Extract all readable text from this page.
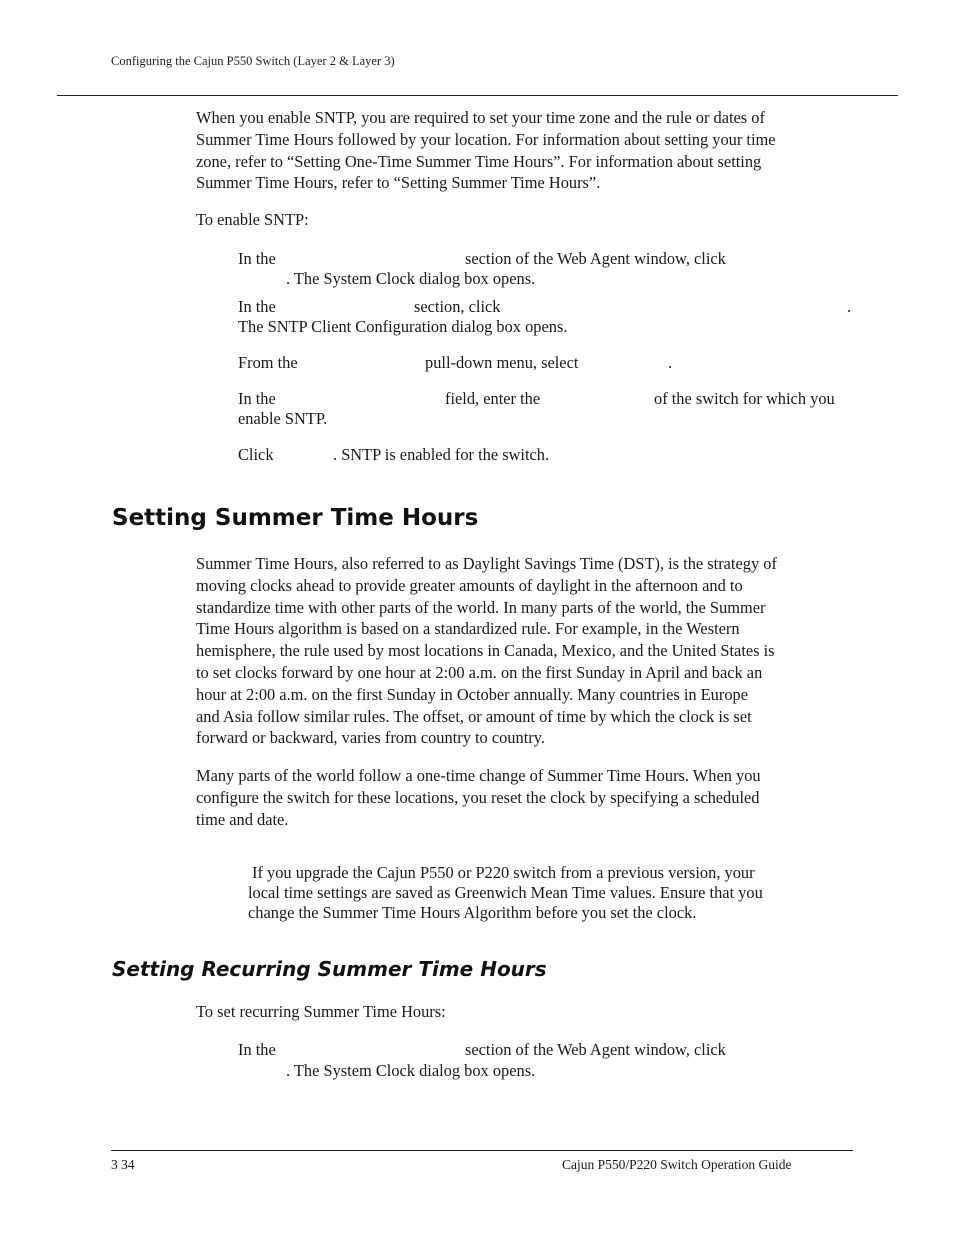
Configuring the Cajun P550 Switch (Layer 2 & Layer 3)

When you enable SNTP, you are required to set your time zone and the rule or dates of

Summer Time Hours followed by your location. For information about setting your time

zone, refer to “Setting One-Time Summer Time Hours”. For information about setting

Summer Time Hours, refer to “Setting Summer Time Hours”.

To enable SNTP:
In the	section of the Web Agent window, click
. The System Clock dialog box opens.
In the	section, click	.
The SNTP Client Configuration dialog box opens.
From the	pull-down menu, select	.
In the	field, enter the	of the switch for which you
enable SNTP.
Click	. SNTP is enabled for the switch.
Setting Summer Time Hours

Summer Time Hours, also referred to as Daylight Savings Time (DST), is the strategy of

moving clocks ahead to provide greater amounts of daylight in the afternoon and to

standardize time with other parts of the world. In many parts of the world, the Summer

Time Hours algorithm is based on a standardized rule. For example, in the Western

hemisphere, the rule used by most locations in Canada, Mexico, and the United States is

to set clocks forward by one hour at 2:00 a.m. on the first Sunday in April and back an

hour at 2:00 a.m. on the first Sunday in October annually. Many countries in Europe

and Asia follow similar rules. The offset, or amount of time by which the clock is set

forward or backward, varies from country to country.

Many parts of the world follow a one-time change of Summer Time Hours. When you

configure the switch for these locations, you reset the clock by specifying a scheduled

time and date.

If you upgrade the Cajun P550 or P220 switch from a previous version, your
local time settings are saved as Greenwich Mean Time values. Ensure that you
change the Summer Time Hours Algorithm before you set the clock.
Setting Recurring Summer Time Hours
To set recurring Summer Time Hours:
In the	section of the Web Agent window, click
. The System Clock dialog box opens.
3 34	Cajun P550/P220 Switch Operation Guide
